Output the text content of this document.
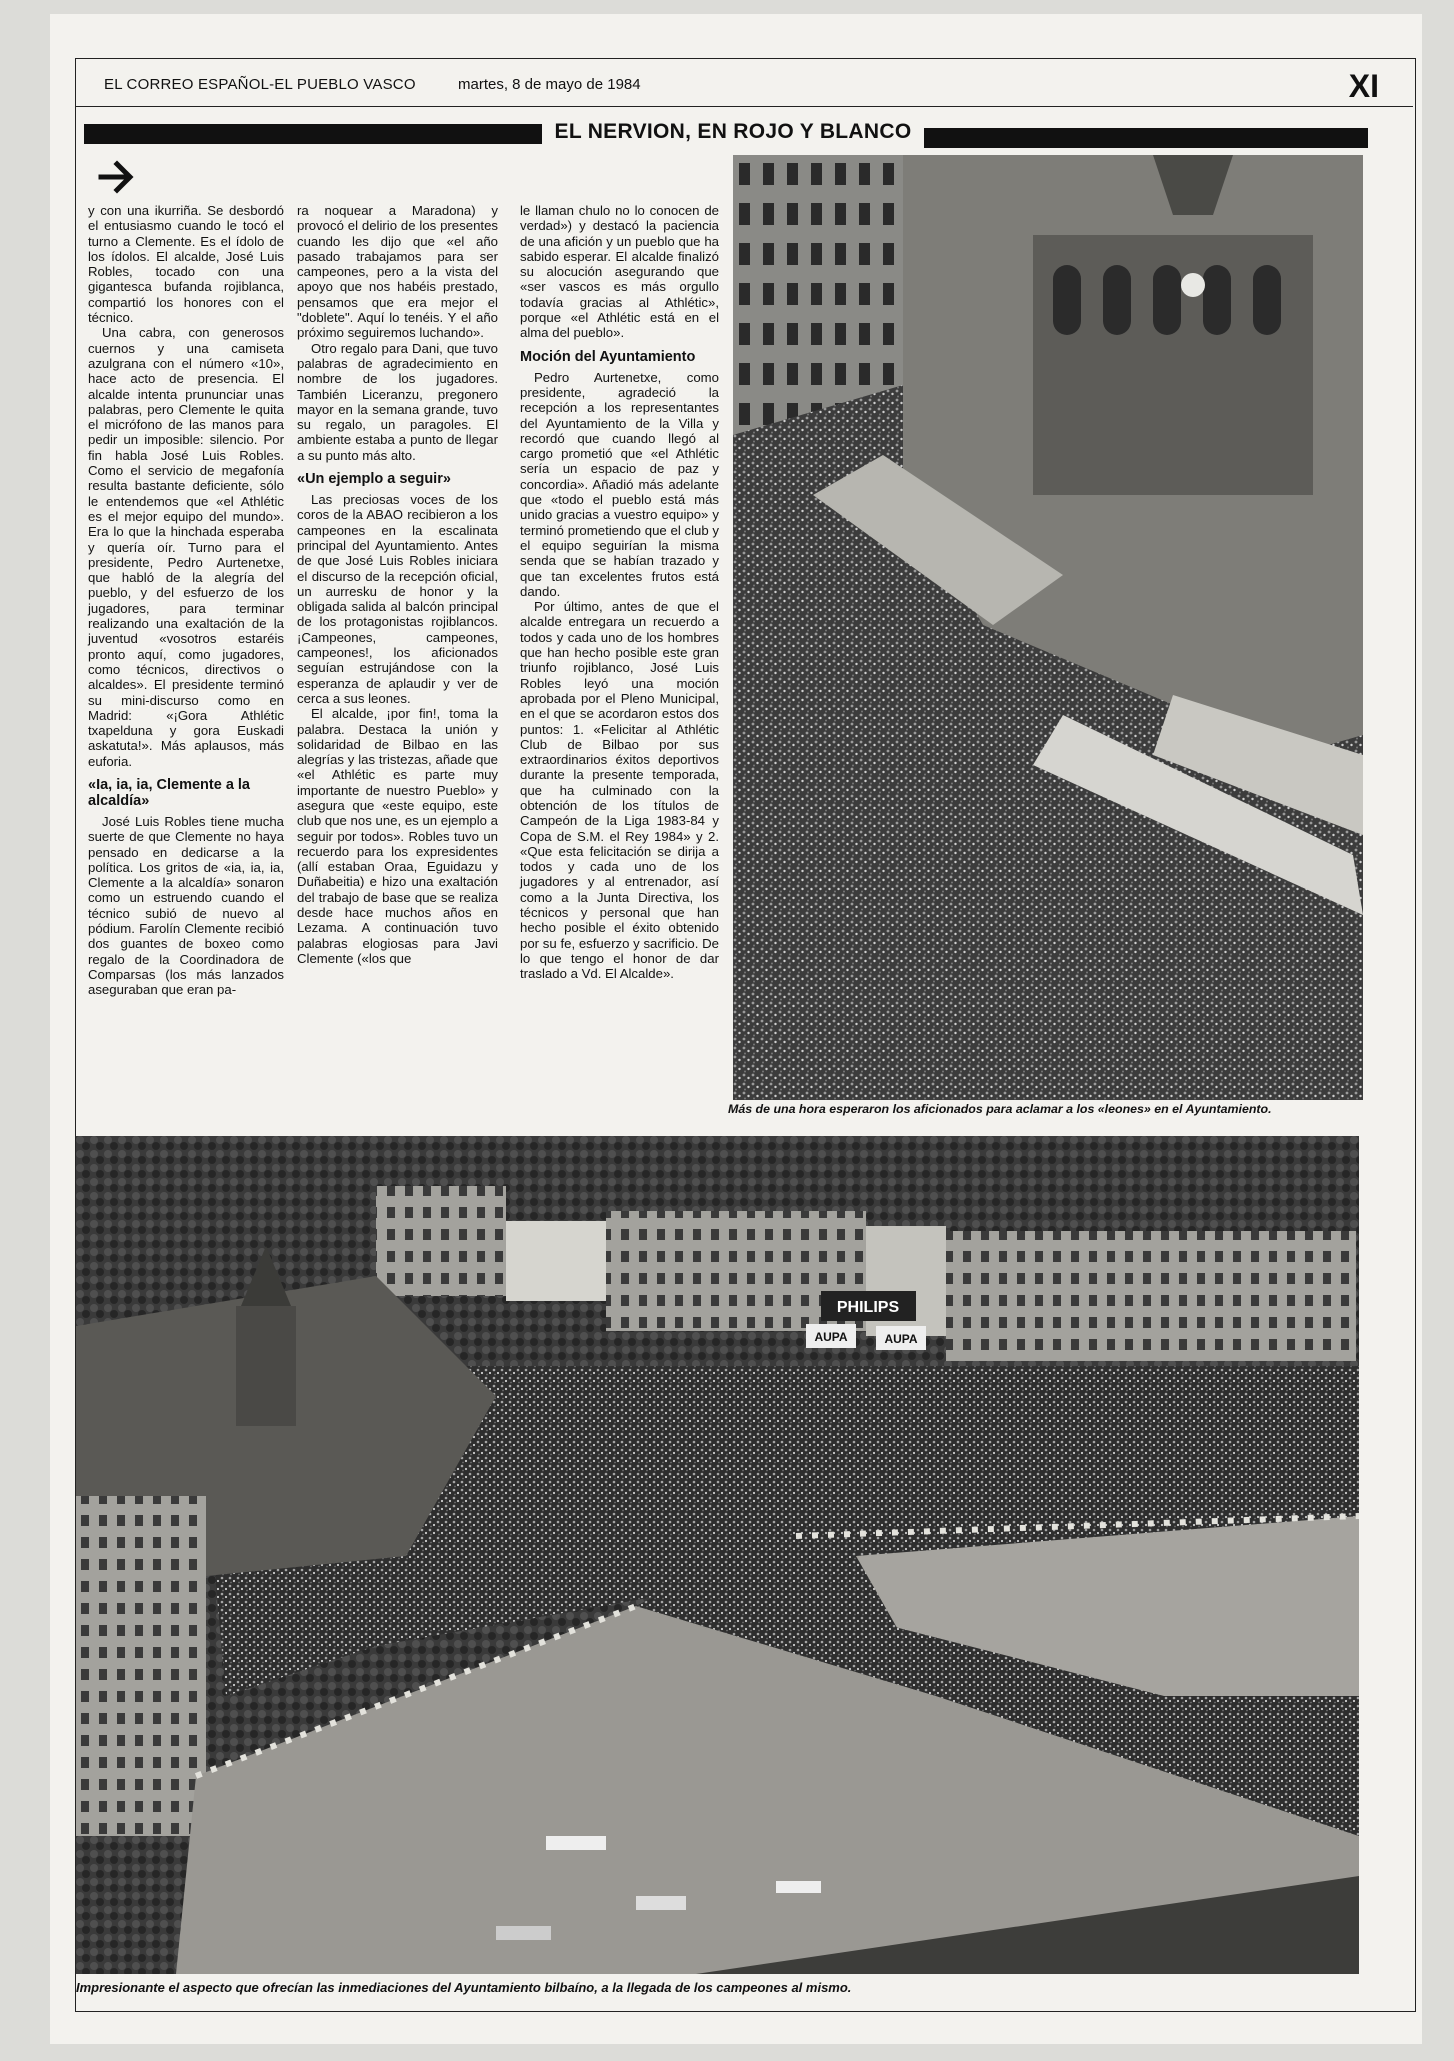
EL CORREO ESPAÑOL-EL PUEBLO VASCO	martes, 8 de mayo de 1984	XI
EL NERVION, EN ROJO Y BLANCO

y con una ikurriña. Se desbordó el entusiasmo cuando le tocó el turno a Clemente. Es el ídolo de los ídolos. El alcalde, José Luis Robles, tocado con una gigantesca bufanda rojiblanca, compartió los honores con el técnico.

Una cabra, con generosos cuernos y una camiseta azulgrana con el número «10», hace acto de presencia. El alcalde intenta prununciar unas palabras, pero Clemente le quita el micrófono de las manos para pedir un imposible: silencio. Por fin habla José Luis Robles. Como el servicio de megafonía resulta bastante deficiente, sólo le entendemos que «el Athlétic es el mejor equipo del mundo». Era lo que la hinchada esperaba y quería oír. Turno para el presidente, Pedro Aurtenetxe, que habló de la alegría del pueblo, y del esfuerzo de los jugadores, para terminar realizando una exaltación de la juventud «vosotros estaréis pronto aquí, como jugadores, como técnicos, directivos o alcaldes». El presidente terminó su mini-discurso como en Madrid: «¡Gora Athlétic txapelduna y gora Euskadi askatuta!». Más aplausos, más euforia.

«Ia, ia, ia, Clemente a la alcaldía»

José Luis Robles tiene mucha suerte de que Clemente no haya pensado en dedicarse a la política. Los gritos de «ia, ia, ia, Clemente a la alcaldía» sonaron como un estruendo cuando el técnico subió de nuevo al pódium. Farolín Clemente recibió dos guantes de boxeo como regalo de la Coordinadora de Comparsas (los más lanzados aseguraban que eran pa-

ra noquear a Maradona) y provocó el delirio de los presentes cuando les dijo que «el año pasado trabajamos para ser campeones, pero a la vista del apoyo que nos habéis prestado, pensamos que era mejor el "doblete". Aquí lo tenéis. Y el año próximo seguiremos luchando».

Otro regalo para Dani, que tuvo palabras de agradecimiento en nombre de los jugadores. También Liceranzu, pregonero mayor en la semana grande, tuvo su regalo, un paragoles. El ambiente estaba a punto de llegar a su punto más alto.

«Un ejemplo a seguir»

Las preciosas voces de los coros de la ABAO recibieron a los campeones en la escalinata principal del Ayuntamiento. Antes de que José Luis Robles iniciara el discurso de la recepción oficial, un aurresku de honor y la obligada salida al balcón principal de los protagonistas rojiblancos. ¡Campeones, campeones, campeones!, los aficionados seguían estrujándose con la esperanza de aplaudir y ver de cerca a sus leones.

El alcalde, ¡por fin!, toma la palabra. Destaca la unión y solidaridad de Bilbao en las alegrías y las tristezas, añade que «el Athlétic es parte muy importante de nuestro Pueblo» y asegura que «este equipo, este club que nos une, es un ejemplo a seguir por todos». Robles tuvo un recuerdo para los expresidentes (allí estaban Oraa, Eguidazu y Duñabeitia) e hizo una exaltación del trabajo de base que se realiza desde hace muchos años en Lezama. A continuación tuvo palabras elogiosas para Javi Clemente («los que

le llaman chulo no lo conocen de verdad») y destacó la paciencia de una afición y un pueblo que ha sabido esperar. El alcalde finalizó su alocución asegurando que «ser vascos es más orgullo todavía gracias al Athlétic», porque «el Athlétic está en el alma del pueblo».

Moción del Ayuntamiento

Pedro Aurtenetxe, como presidente, agradeció la recepción a los representantes del Ayuntamiento de la Villa y recordó que cuando llegó al cargo prometió que «el Athlétic sería un espacio de paz y concordia». Añadió más adelante que «todo el pueblo está más unido gracias a vuestro equipo» y terminó prometiendo que el club y el equipo seguirían la misma senda que se habían trazado y que tan excelentes frutos está dando.

Por último, antes de que el alcalde entregara un recuerdo a todos y cada uno de los hombres que han hecho posible este gran triunfo rojiblanco, José Luis Robles leyó una moción aprobada por el Pleno Municipal, en el que se acordaron estos dos puntos: 1. «Felicitar al Athlétic Club de Bilbao por sus extraordinarios éxitos deportivos durante la presente temporada, que ha culminado con la obtención de los títulos de Campeón de la Liga 1983-84 y Copa de S.M. el Rey 1984» y 2. «Que esta felicitación se dirija a todos y cada uno de los jugadores y al entrenador, así como a la Junta Directiva, los técnicos y personal que han hecho posible el éxito obtenido por su fe, esfuerzo y sacrificio. De lo que tengo el honor de dar traslado a Vd. El Alcalde».

Más de una hora esperaron los aficionados para aclamar a los «leones» en el Ayuntamiento.
PHILIPS
AUPA	AUPA
Impresionante el aspecto que ofrecían las inmediaciones del Ayuntamiento bilbaíno, a la llegada de los campeones al mismo.
